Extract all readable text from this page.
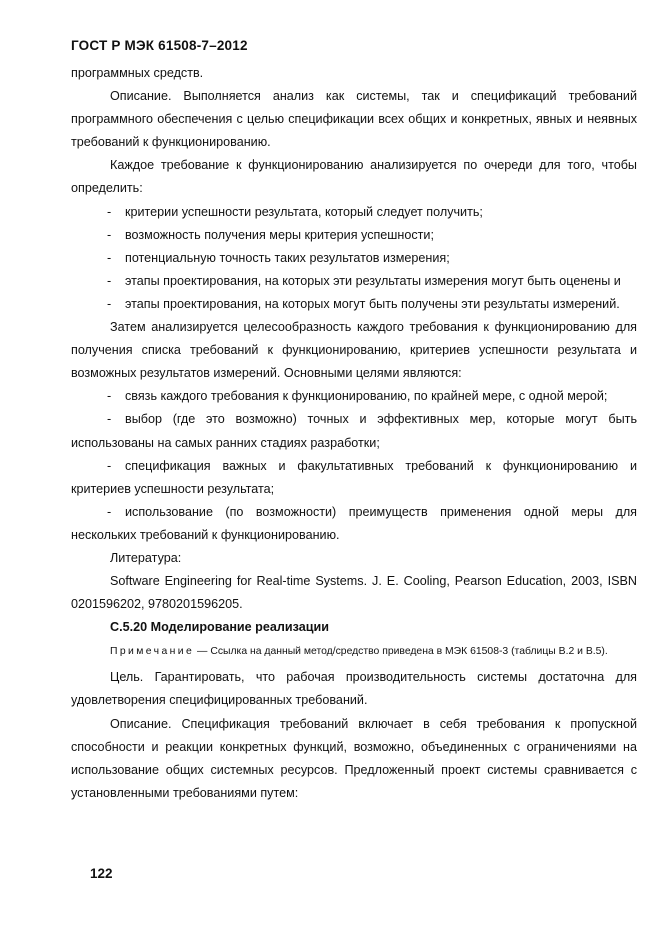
ГОСТ Р МЭК 61508-7–2012

программных средств.

Описание. Выполняется анализ как системы, так и спецификаций требований программного обеспечения с целью спецификации всех общих и конкретных, явных и неявных требований к функционированию.

Каждое требование к функционированию анализируется по очереди для того, чтобы определить:

- критерии успешности результата, который следует получить;

- возможность получения меры критерия успешности;

- потенциальную точность таких результатов измерения;

- этапы проектирования, на которых эти результаты измерения могут быть оценены и

- этапы проектирования, на которых могут быть получены эти результаты измерений.

Затем анализируется целесообразность каждого требования к функционированию для получения списка требований к функционированию, критериев успешности результата и возможных результатов измерений. Основными целями являются:

- связь каждого требования к функционированию, по крайней мере, с одной мерой;

- выбор (где это возможно) точных и эффективных мер, которые могут быть использованы на самых ранних стадиях разработки;

- спецификация важных и факультативных требований к функционированию и критериев успешности результата;

- использование (по возможности) преимуществ применения одной меры для нескольких требований к функционированию.

Литература:

Software Engineering for Real-time Systems. J. E. Cooling, Pearson Education, 2003, ISBN 0201596202, 9780201596205.

C.5.20 Моделирование реализации

Примечание — Ссылка на данный метод/средство приведена в МЭК 61508-3 (таблицы В.2 и В.5).

Цель. Гарантировать, что рабочая производительность системы достаточна для удовлетворения специфицированных требований.

Описание. Спецификация требований включает в себя требования к пропускной способности и реакции конкретных функций, возможно, объединенных с ограничениями на использование общих системных ресурсов. Предложенный проект системы сравнивается с установленными требованиями путем:

122
